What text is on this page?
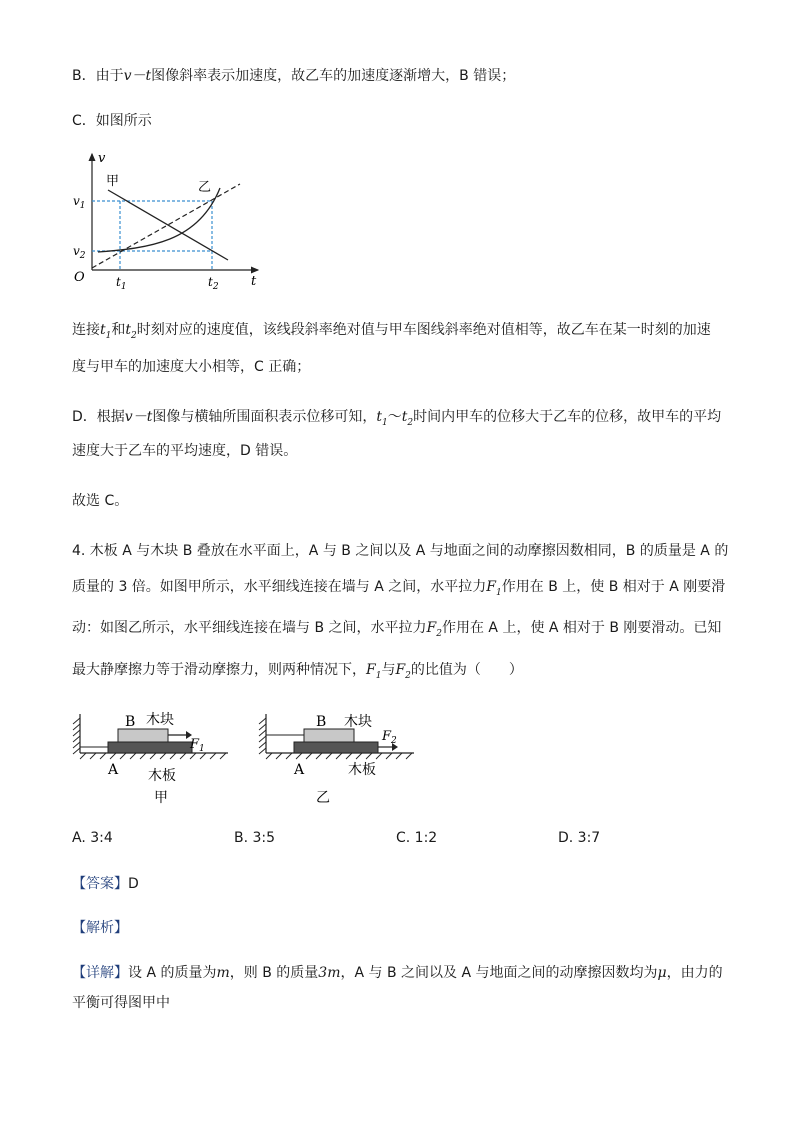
B．由于v－t图像斜率表示加速度，故乙车的加速度逐渐增大，B 错误；
C．如图所示
v
t
O
$v_1$
$v_2$
$t_1$	$t_2$
甲	乙
连接$t_1$和$t_2$时刻对应的速度值，该线段斜率绝对值与甲车图线斜率绝对值相等，故乙车在某一时刻的加速
度与甲车的加速度大小相等，C 正确；
D．根据v－t图像与横轴所围面积表示位移可知，$t_1\sim t_2$时间内甲车的位移大于乙车的位移，故甲车的平均
速度大于乙车的平均速度，D 错误。
故选 C。
4. 木板 A 与木块 B 叠放在水平面上，A 与 B 之间以及 A 与地面之间的动摩擦因数相同，B 的质量是 A 的
质量的 3 倍。如图甲所示，水平细线连接在墙与 A 之间，水平拉力$F_1$作用在 B 上，使 B 相对于 A 刚要滑
动：如图乙所示，水平细线连接在墙与 B 之间，水平拉力$F_2$作用在 A 上，使 A 相对于 B 刚要滑动。已知
最大静摩擦力等于滑动摩擦力，则两种情况下，$F_1$与$F_2$的比值为（　　）
B 木块
$F_1$
A 木板
甲
B 木块
$F_2$
A	木板
乙
A. 3:4	B. 3:5	C. 1:2	D. 3:7
【答案】D
【解析】
【详解】设 A 的质量为m，则 B 的质量3m，A 与 B 之间以及 A 与地面之间的动摩擦因数均为μ，由力的
平衡可得图甲中
